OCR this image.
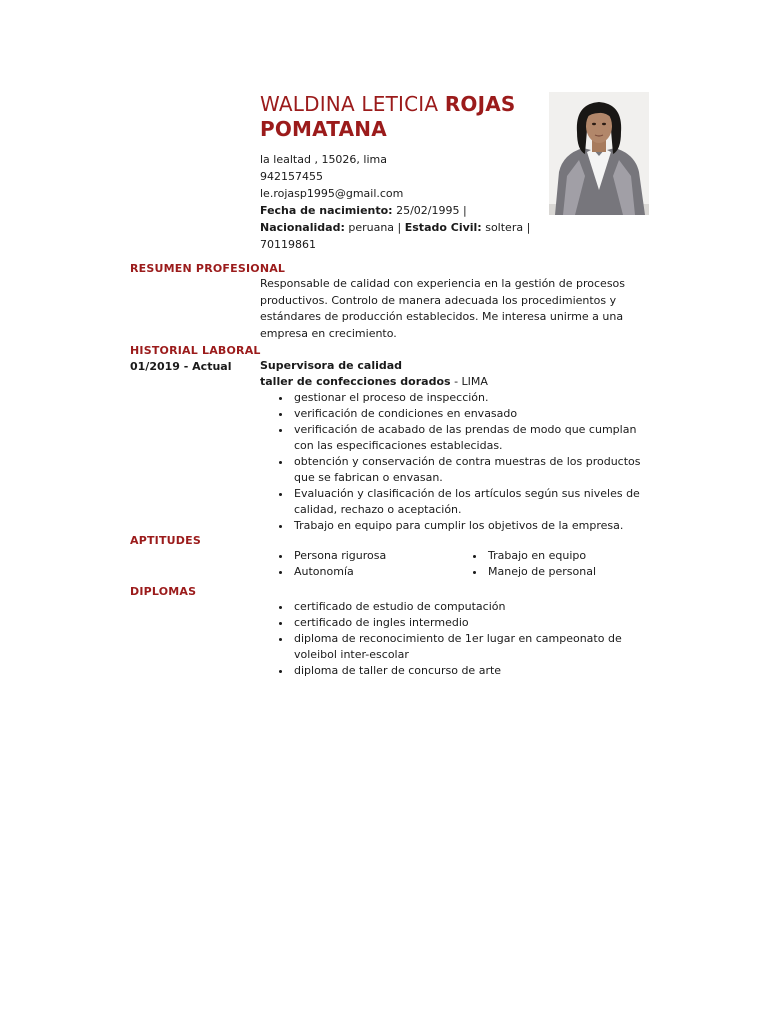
WALDINA LETICIA ROJAS POMATANA
la lealtad , 15026, lima
942157455
le.rojasp1995@gmail.com
Fecha de nacimiento: 25/02/1995 |
Nacionalidad: peruana | Estado Civil: soltera |
70119861
RESUMEN PROFESIONAL
Responsable de calidad con experiencia en la gestión de procesos productivos. Controlo de manera adecuada los procedimientos y estándares de producción establecidos. Me interesa unirme a una empresa en crecimiento.
HISTORIAL LABORAL
01/2019 - Actual	Supervisora de calidad
taller de confecciones dorados - LIMA
• gestionar el proceso de inspección.
• verificación de condiciones en envasado
• verificación de acabado de las prendas de modo que cumplan con las especificaciones establecidas.
• obtención y conservación de contra muestras de los productos que se fabrican o envasan.
• Evaluación y clasificación de los artículos según sus niveles de calidad, rechazo o aceptación.
• Trabajo en equipo para cumplir los objetivos de la empresa.
APTITUDES
• Persona rigurosa
• Autonomía
• Trabajo en equipo
• Manejo de personal
DIPLOMAS
• certificado de estudio de computación
• certificado de ingles intermedio
• diploma de reconocimiento de 1er lugar en campeonato de voleibol inter-escolar
• diploma de taller de concurso de arte
